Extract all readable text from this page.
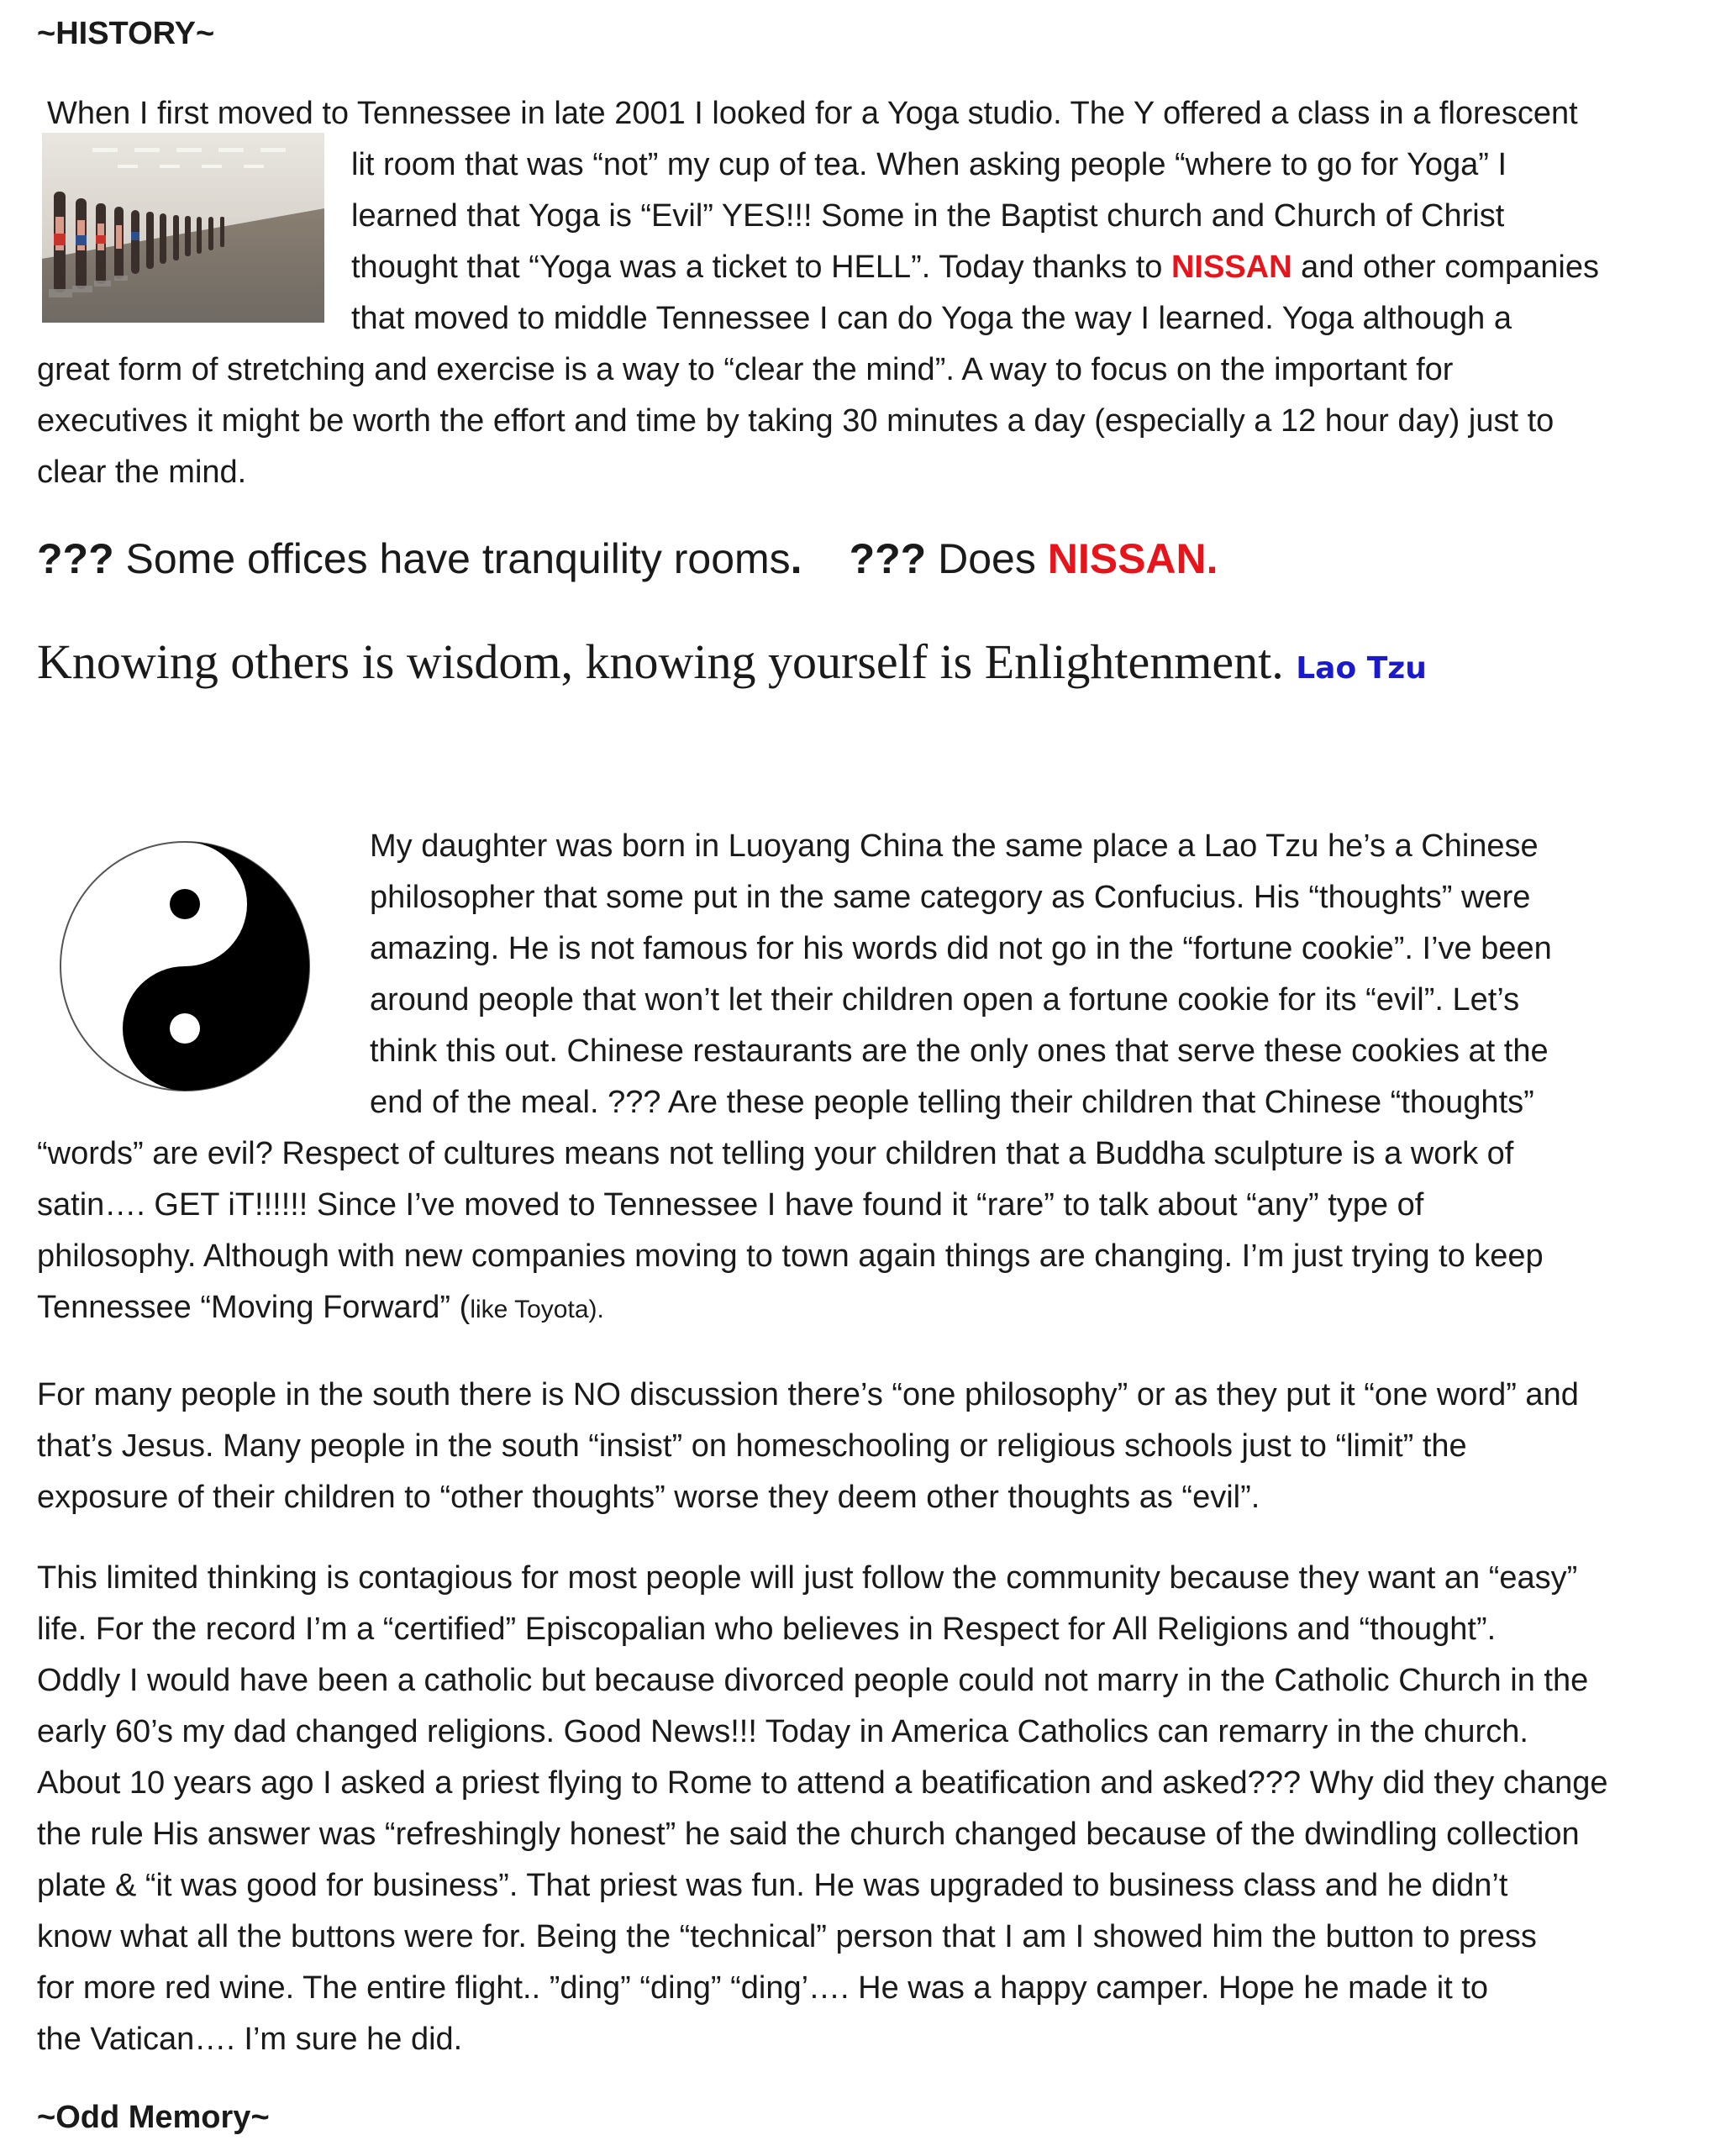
~HISTORY~

When I first moved to Tennessee in late 2001 I looked for a Yoga studio. The Y offered a class in a florescent
lit room that was “not” my cup of tea. When asking people “where to go for Yoga” I
learned that Yoga is “Evil” YES!!! Some in the Baptist church and Church of Christ
thought that “Yoga was a ticket to HELL”. Today thanks to NISSAN and other companies
that moved to middle Tennessee I can do Yoga the way I learned. Yoga although a
great form of stretching and exercise is a way to “clear the mind”. A way to focus on the important for
executives it might be worth the effort and time by taking 30 minutes a day (especially a 12 hour day) just to
clear the mind.

??? Some offices have tranquility rooms. ??? Does NISSAN.
Knowing others is wisdom, knowing yourself is Enlightenment. Lao Tzu

My daughter was born in Luoyang China the same place a Lao Tzu he’s a Chinese
philosopher that some put in the same category as Confucius. His “thoughts” were
amazing. He is not famous for his words did not go in the “fortune cookie”. I’ve been
around people that won’t let their children open a fortune cookie for its “evil”. Let’s
think this out. Chinese restaurants are the only ones that serve these cookies at the
end of the meal. ??? Are these people telling their children that Chinese “thoughts”
“words” are evil? Respect of cultures means not telling your children that a Buddha sculpture is a work of
satin…. GET iT!!!!!! Since I’ve moved to Tennessee I have found it “rare” to talk about “any” type of
philosophy. Although with new companies moving to town again things are changing. I’m just trying to keep
Tennessee “Moving Forward” (like Toyota).

For many people in the south there is NO discussion there’s “one philosophy” or as they put it “one word” and
that’s Jesus. Many people in the south “insist” on homeschooling or religious schools just to “limit” the
exposure of their children to “other thoughts” worse they deem other thoughts as “evil”.

This limited thinking is contagious for most people will just follow the community because they want an “easy”
life. For the record I’m a “certified” Episcopalian who believes in Respect for All Religions and “thought”.
Oddly I would have been a catholic but because divorced people could not marry in the Catholic Church in the
early 60’s my dad changed religions. Good News!!! Today in America Catholics can remarry in the church.
About 10 years ago I asked a priest flying to Rome to attend a beatification and asked??? Why did they change
the rule His answer was “refreshingly honest” he said the church changed because of the dwindling collection
plate & “it was good for business”. That priest was fun. He was upgraded to business class and he didn’t
know what all the buttons were for. Being the “technical” person that I am I showed him the button to press
for more red wine. The entire flight.. ”ding” “ding” “ding’…. He was a happy camper. Hope he made it to
the Vatican…. I’m sure he did.

~Odd Memory~
